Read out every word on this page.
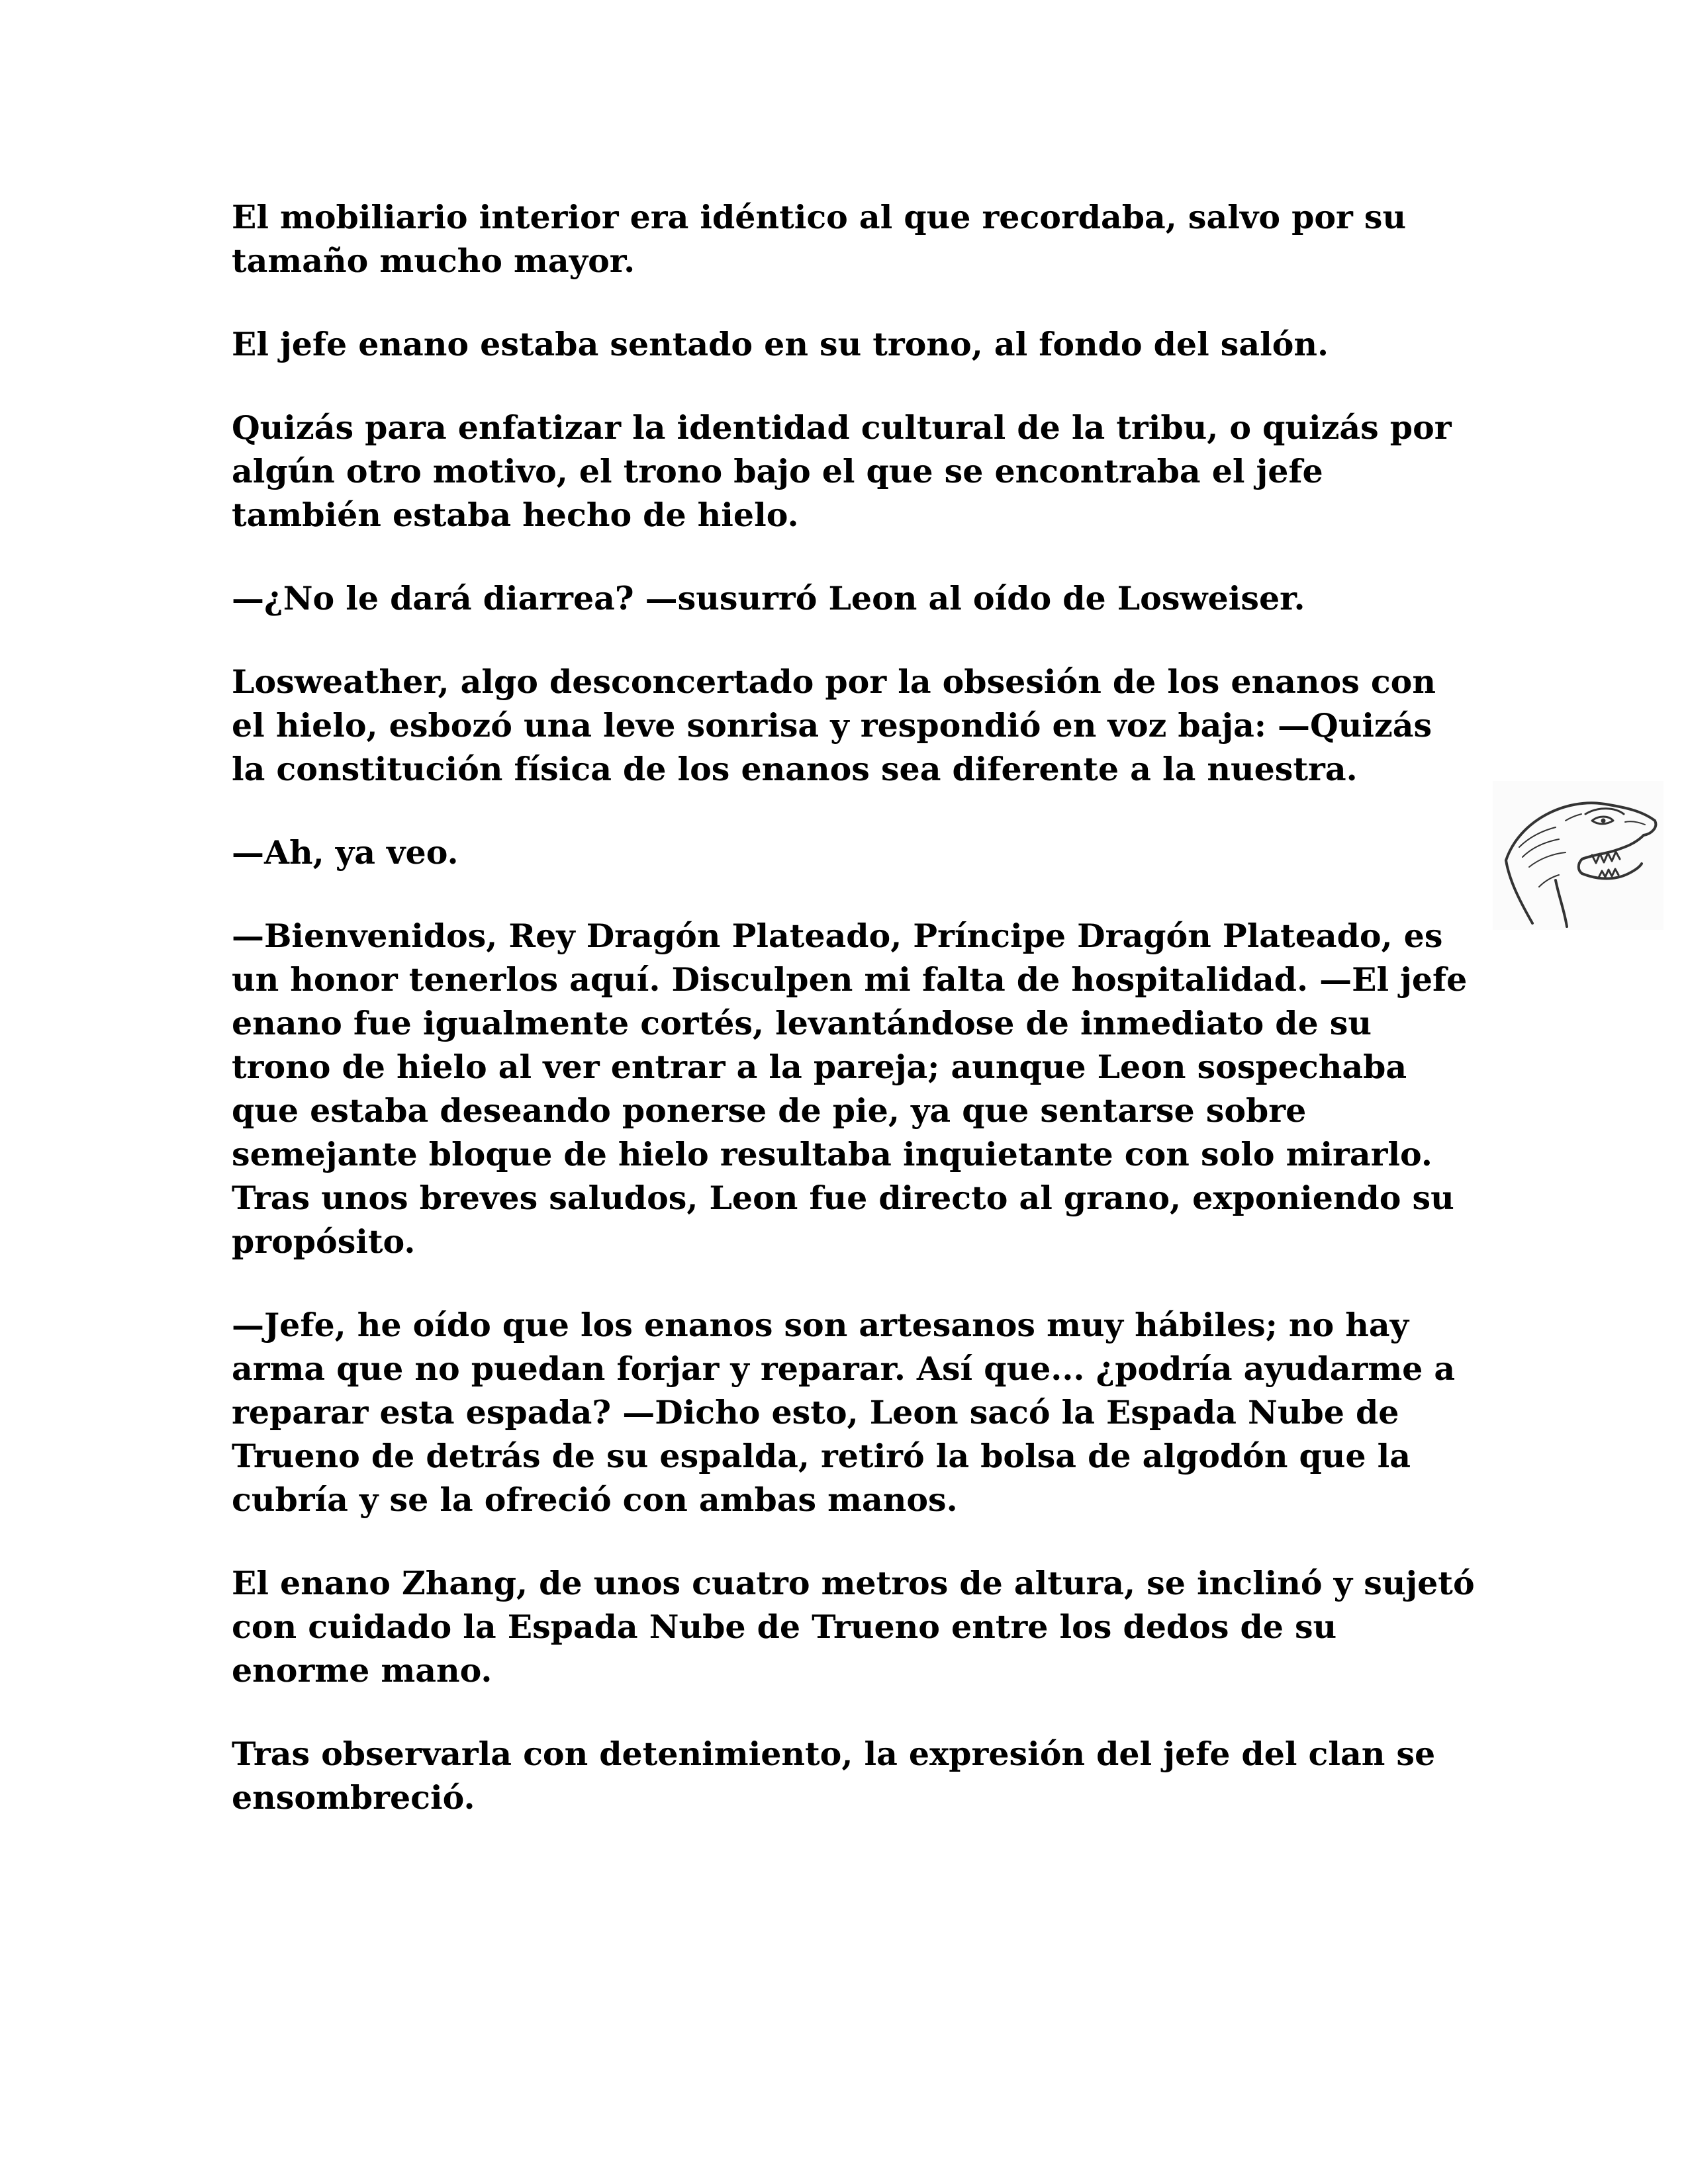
El mobiliario interior era idéntico al que recordaba, salvo por su tamaño mucho mayor.

El jefe enano estaba sentado en su trono, al fondo del salón.

Quizás para enfatizar la identidad cultural de la tribu, o quizás por algún otro motivo, el trono bajo el que se encontraba el jefe también estaba hecho de hielo.

—¿No le dará diarrea? —susurró Leon al oído de Losweiser.

Losweather, algo desconcertado por la obsesión de los enanos con el hielo, esbozó una leve sonrisa y respondió en voz baja: —Quizás la constitución física de los enanos sea diferente a la nuestra.

—Ah, ya veo.

—Bienvenidos, Rey Dragón Plateado, Príncipe Dragón Plateado, es un honor tenerlos aquí. Disculpen mi falta de hospitalidad. —El jefe enano fue igualmente cortés, levantándose de inmediato de su trono de hielo al ver entrar a la pareja; aunque Leon sospechaba que estaba deseando ponerse de pie, ya que sentarse sobre semejante bloque de hielo resultaba inquietante con solo mirarlo. Tras unos breves saludos, Leon fue directo al grano, exponiendo su propósito.

—Jefe, he oído que los enanos son artesanos muy hábiles; no hay arma que no puedan forjar y reparar. Así que... ¿podría ayudarme a reparar esta espada? —Dicho esto, Leon sacó la Espada Nube de Trueno de detrás de su espalda, retiró la bolsa de algodón que la cubría y se la ofreció con ambas manos.

El enano Zhang, de unos cuatro metros de altura, se inclinó y sujetó con cuidado la Espada Nube de Trueno entre los dedos de su enorme mano.

Tras observarla con detenimiento, la expresión del jefe del clan se ensombreció.
